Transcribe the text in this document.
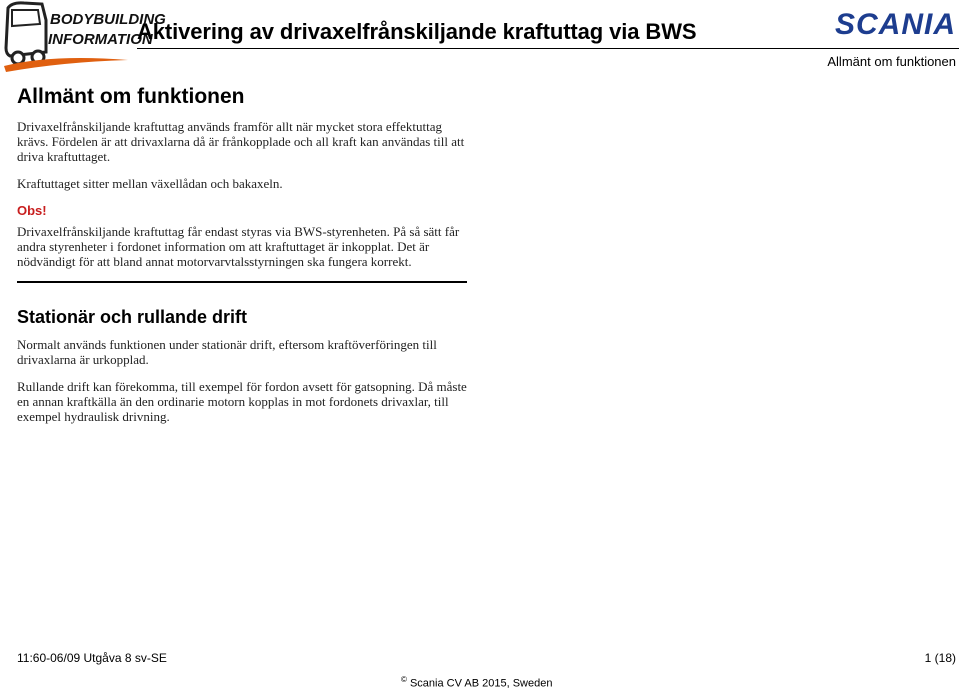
BODYBUILDING
INFORMATION
Aktivering av drivaxelfrånskiljande kraftuttag via BWS	SCANIA
Allmänt om funktionen
Allmänt om funktionen

Drivaxelfrånskiljande kraftuttag används framför allt när mycket stora effektuttag krävs. Fördelen är att drivaxlarna då är frånkopplade och all kraft kan användas till att driva kraftuttaget.

Kraftuttaget sitter mellan växellådan och bakaxeln.

Obs!

Drivaxelfrånskiljande kraftuttag får endast styras via BWS-styrenheten. På så sätt får andra styrenheter i fordonet information om att kraftuttaget är inkopplat. Det är nödvändigt för att bland annat motorvarvtalsstyrningen ska fungera korrekt.

Stationär och rullande drift

Normalt används funktionen under stationär drift, eftersom kraftöverföringen till drivaxlarna är urkopplad.

Rullande drift kan förekomma, till exempel för fordon avsett för gatsopning. Då måste en annan kraftkälla än den ordinarie motorn kopplas in mot fordonets drivaxlar, till exempel hydraulisk drivning.

11:60-06/09 Utgåva 8 sv-SE	1 (18)
© Scania CV AB 2015, Sweden
